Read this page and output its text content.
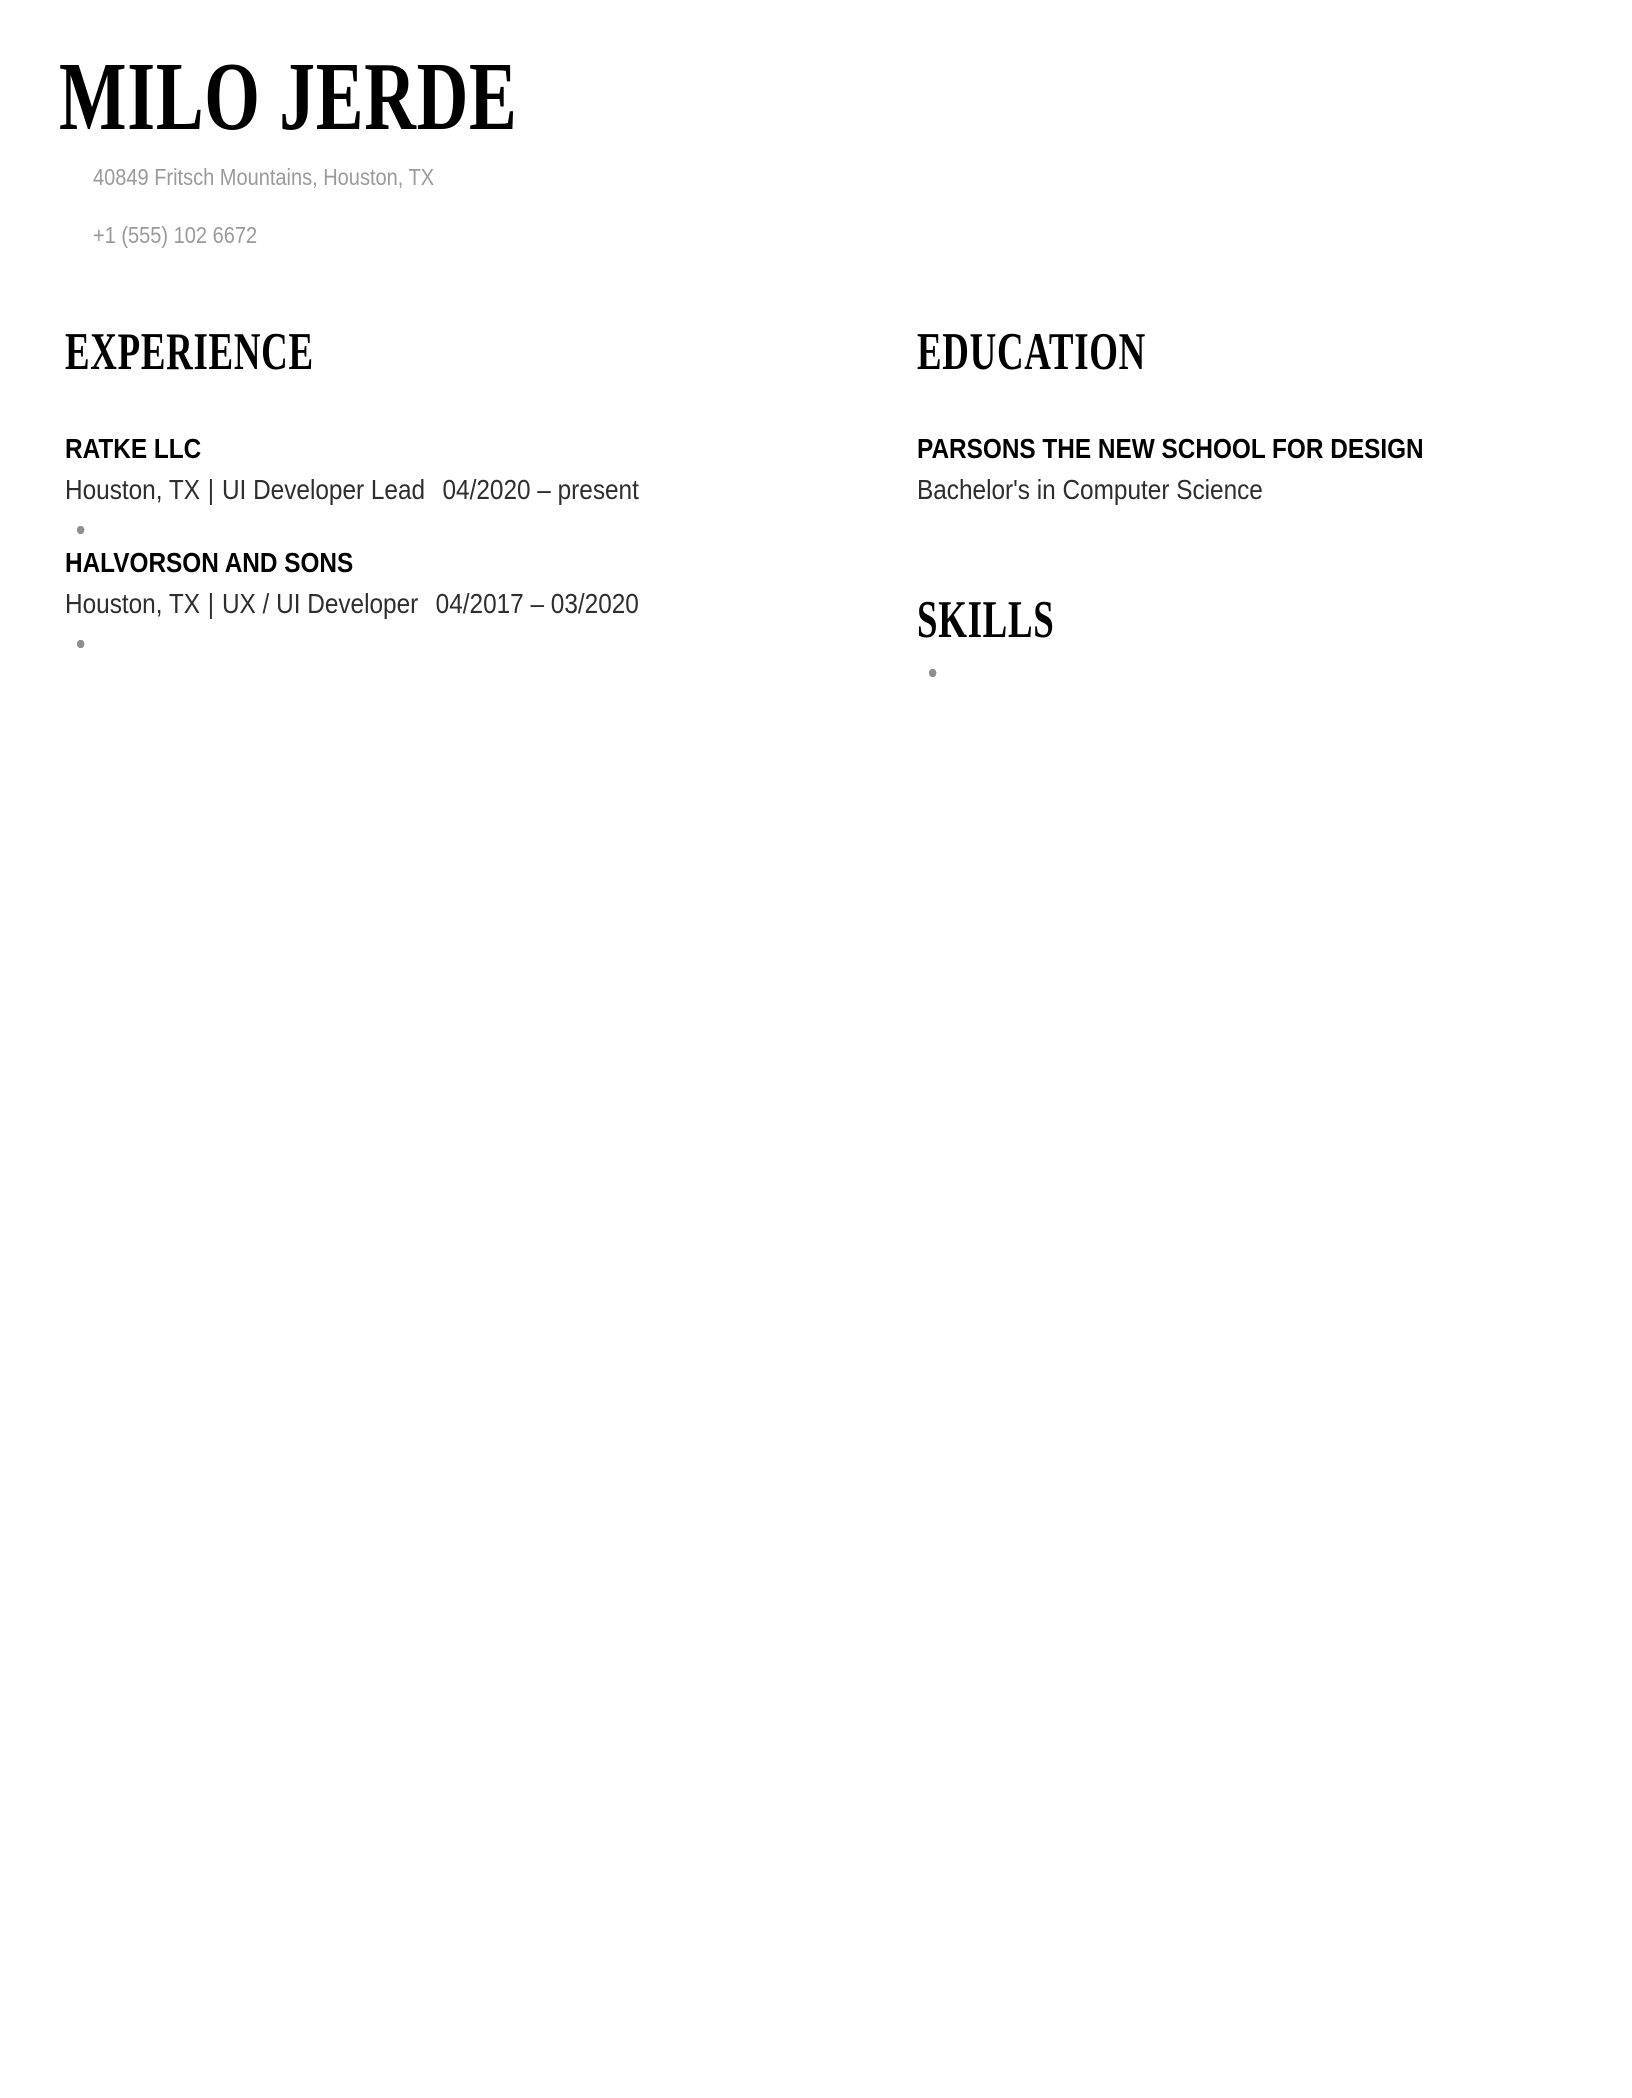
MILO JERDE

40849 Fritsch Mountains, Houston, TX

+1 (555) 102 6672

EXPERIENCE
RATKE LLC

Houston, TX | UI Developer Lead 04/2020 – present

HALVORSON AND SONS

Houston, TX | UX / UI Developer 04/2017 – 03/2020

EDUCATION

PARSONS THE NEW SCHOOL FOR DESIGN

Bachelor's in Computer Science

SKILLS
